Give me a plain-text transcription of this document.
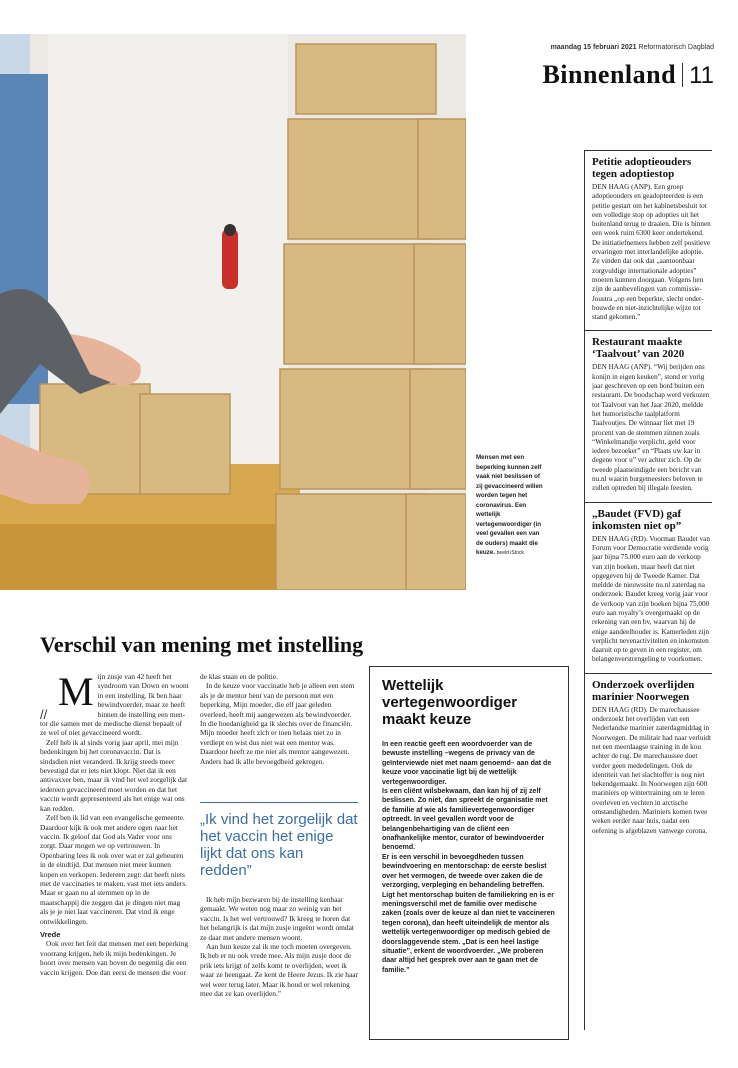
maandag 15 februari 2021 Reformatorisch Dagblad
Binnenland 11
Mensen met een beperking kunnen zelf vaak niet beslissen of zij gevaccineerd willen worden tegen het coronavirus. Een wettelijk vertegenwoordiger (in veel gevallen een van de ouders) maakt die keuze. beeld iStock
Petitie adoptieouders tegen adoptiestop

DEN HAAG (ANP). Een groep adoptieouders en geadopteerden is een petitie gestart om het kabinetsbesluit tot een volledige stop op adopties uit het buitenland terug te draaien. Die is binnen een week ruim 6300 keer ondertekend. De initiatiefnemers hebben zelf positieve ervaringen met interlandelijke adoptie. Ze vinden dat ook dat „aantoonbaar zorgvuldige internationale adopties” moeten kunnen doorgaan. Volgens hen zijn de aanbevelingen van commissie-Joustra „op een beperkte, slecht onderbouwde en niet-inzichtelijke wijze tot stand gekomen.”

Restaurant maakte ‘Taalvout’ van 2020

DEN HAAG (ANP). “Wij berijden ons konijn in eigen keuken”, stond er vorig jaar geschreven op een bord buiten een restaurant. De boodschap werd verkozen tot Taalvout van het Jaar 2020, meldde het humoristische taalplatform Taalvoutjes. De winnaar liet met 19 procent van de stemmen zinnen zoals “Winkelmandje verplicht, geld voor iedere bezoeker” en “Plaats uw kar in degene voor u” ver achter zich. Op de tweede plaatseindigde een bericht van nu.nl waarin burgemeesters beloven te zullen optreden bij illegale feesten.

„Baudet (FVD) gaf inkomsten niet op”

DEN HAAG (RD). Voorman Baudet van Forum voor Democratie verdiende vorig jaar bijna 75.000 euro aan de verkoop van zijn boeken, maar heeft dat niet opgegeven bij de Tweede Kamer. Dat meldde de nieuwssite nu.nl zaterdag na onderzoek. Baudet kreeg vorig jaar voor de verkoop van zijn boeken bijna 75.000 euro aan royalty’s overgemaakt op de rekening van een bv, waarvan hij de enige aandeelhouder is. Kamerleden zijn verplicht nevenactiviteiten en inkomsten daaruit op te geven in een register, om belangenverstrengeling te voorkomen.

Onderzoek overlijden marinier Noorwegen

DEN HAAG (RD). De marechaussee onderzoekt het overlijden van een Nederlandse marinier zaterdagmiddag in Noorwegen. De militair had naar verluidt net een meerdaagse training in de kou achter de rug. De marechaussee doet verder geen mededelingen. Ook de identiteit van het slachtoffer is nog niet bekendgemaakt. In Noorwegen zijn 600 mariniers op wintertraining om te leren overleven en vechten in arctische omstandigheden. Mariniers komen twee weken eerder naar huis, nadat een oefening is afgeblazen vanwege corona.

Verschil van mening met instelling
//
M ijn zusje van 42 heeft het syndroom van Down en woont in een instelling. Ik ben haar bewindvoerder, maar ze heeft binnen de instelling een mentor die samen met de medische dienst bepaalt of ze wel of niet gevaccineerd wordt.

Zelf heb ik al sinds vorig jaar april, mei mijn bedenkingen bij het coronavaccin. Dat is sindsdien niet veranderd. Ik krijg steeds meer bevestigd dat er iets niet klopt. Niet dat ik een antivaxxer ben, maar ik vind het wel zorgelijk dat iedereen gevaccineerd moet worden en dat het vaccin wordt gepresenteerd als het enige wat ons kan redden.

Zelf ben ik lid van een evangelische gemeente. Daardoor kijk ik ook met andere ogen naar het vaccin. Ik geloof dat God als Vader voor ons zorgt. Daar mogen we op vertrouwen. In Openbaring lees ik ook over wat er zal gebeuren in de eindtijd. Dat mensen niet meer kunnen kopen en verkopen. Iedereen zegt: dat heeft niets met de vaccinaties te maken, vast met iets anders. Maar er gaan nu al stemmen op in de maatschappij die zeggen dat je dingen niet mag als je je niet laat vaccineren. Dat vind ik enge ontwikkelingen.

Vrede

Ook over het feit dat mensen met een beperking voorrang krijgen, heb ik mijn bedenkingen. Je hoort over mensen van boven de negentig die een vaccin krijgen. Doe dan eerst de mensen die voor

de klas staan en de politie.

In de keuze voor vaccinatie heb je alleen een stem als je de mentor bent van de persoon met een beperking. Mijn moeder, die elf jaar geleden overleed, heeft mij aangewezen als bewindvoerder. In die hoedanigheid ga ik slechts over de financiën. Mijn moeder heeft zich er toen helaas niet zo in verdiept en wist dus niet wat een mentor was. Daardoor heeft ze me niet als mentor aangewezen. Anders had ik alle bevoegdheid gekregen.

„Ik vind het zorgelijk dat het vaccin het enige lijkt dat ons kan redden”

Ik heb mijn bezwaren bij de instelling kenbaar gemaakt. We weten nog maar zo weinig van het vaccin. Is het wel vertrouwd? Ik kreeg te horen dat het belangrijk is dat mijn zusje ingeënt wordt omdat ze daar met andere mensen woont.

Aan hun keuze zal ik me toch moeten overgeven. Ik heb er nu ook vrede mee. Als mijn zusje door de prik iets krijgt of zelfs komt te overlijden, weet ik waar ze heengaat. Ze kent de Heere Jezus. Ik zie haar wel weer terug later. Maar ik houd er wel rekening mee dat ze kan overlijden.”

Wettelijk vertegenwoordiger maakt keuze

In een reactie geeft een woordvoerder van de bewuste instelling –wegens de privacy van de geïnterviewde niet met naam genoemd– aan dat de keuze voor vaccinatie ligt bij de wettelijk vertegenwoordiger.

Is een cliënt wilsbekwaam, dan kan hij of zij zelf beslissen. Zo niet, dan spreekt de organisatie met de familie af wie als familievertegenwoordiger optreedt. In veel gevallen wordt voor de belangenbehartiging van de cliënt een onafhankelijke mentor, curator of bewindvoerder benoemd.

Er is een verschil in bevoegdheden tussen bewindvoering en mentorschap: de eerste beslist over het vermogen, de tweede over zaken die de verzorging, verpleging en behandeling betreffen. Ligt het mentorschap buiten de familiekring en is er meningsverschil met de familie over medische zaken (zoals over de keuze al dan niet te vaccineren tegen corona), dan heeft uiteindelijk de mentor als wettelijk vertegenwoordiger op medisch gebied de doorslaggevende stem. „Dat is een heel lastige situatie”, erkent de woordvoerder. „We proberen daar altijd het gesprek over aan te gaan met de familie.”
